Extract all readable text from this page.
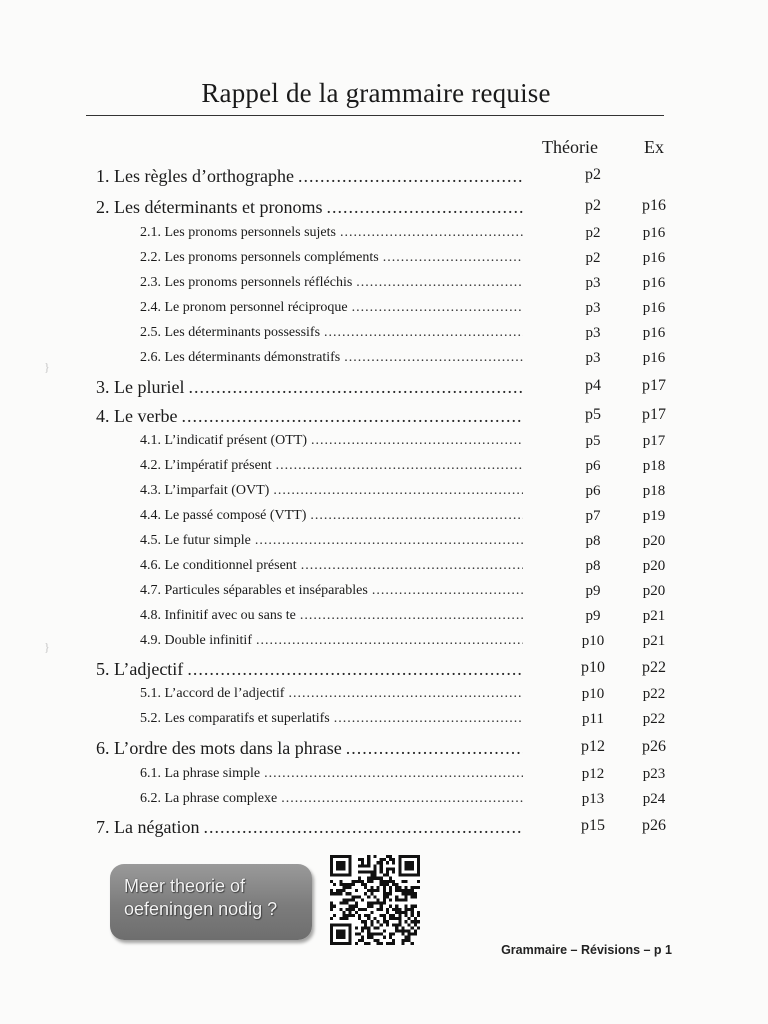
Rappel de la grammaire requise
Théorie	Ex
1. Les règles d’orthographe .....	p2
2. Les déterminants et pronoms .....	p2	p16
2.1. Les pronoms personnels sujets .....	p2	p16
2.2. Les pronoms personnels compléments .....	p2	p16
2.3. Les pronoms personnels réfléchis .....	p3	p16
2.4. Le pronom personnel réciproque .....	p3	p16
2.5. Les déterminants possessifs .....	p3	p16
2.6. Les déterminants démonstratifs .....	p3	p16
3. Le pluriel .....	p4	p17
4. Le verbe .....	p5	p17
4.1. L’indicatif présent (OTT) .....	p5	p17
4.2. L’impératif présent .....	p6	p18
4.3. L’imparfait (OVT) .....	p6	p18
4.4. Le passé composé (VTT) .....	p7	p19
4.5. Le futur simple .....	p8	p20
4.6. Le conditionnel présent .....	p8	p20
4.7. Particules séparables et inséparables .....	p9	p20
4.8. Infinitif avec ou sans te .....	p9	p21
4.9. Double infinitif .....	p10	p21
5. L’adjectif .....	p10	p22
5.1. L’accord de l’adjectif .....	p10	p22
5.2. Les comparatifs et superlatifs .....	p11	p22
6. L’ordre des mots dans la phrase .....	p12	p26
6.1. La phrase simple .....	p12	p23
6.2. La phrase complexe .....	p13	p24
7. La négation .....	p15	p26
}
}
Meer theorie of
oefeningen nodig ?
Grammaire – Révisions – p 1
